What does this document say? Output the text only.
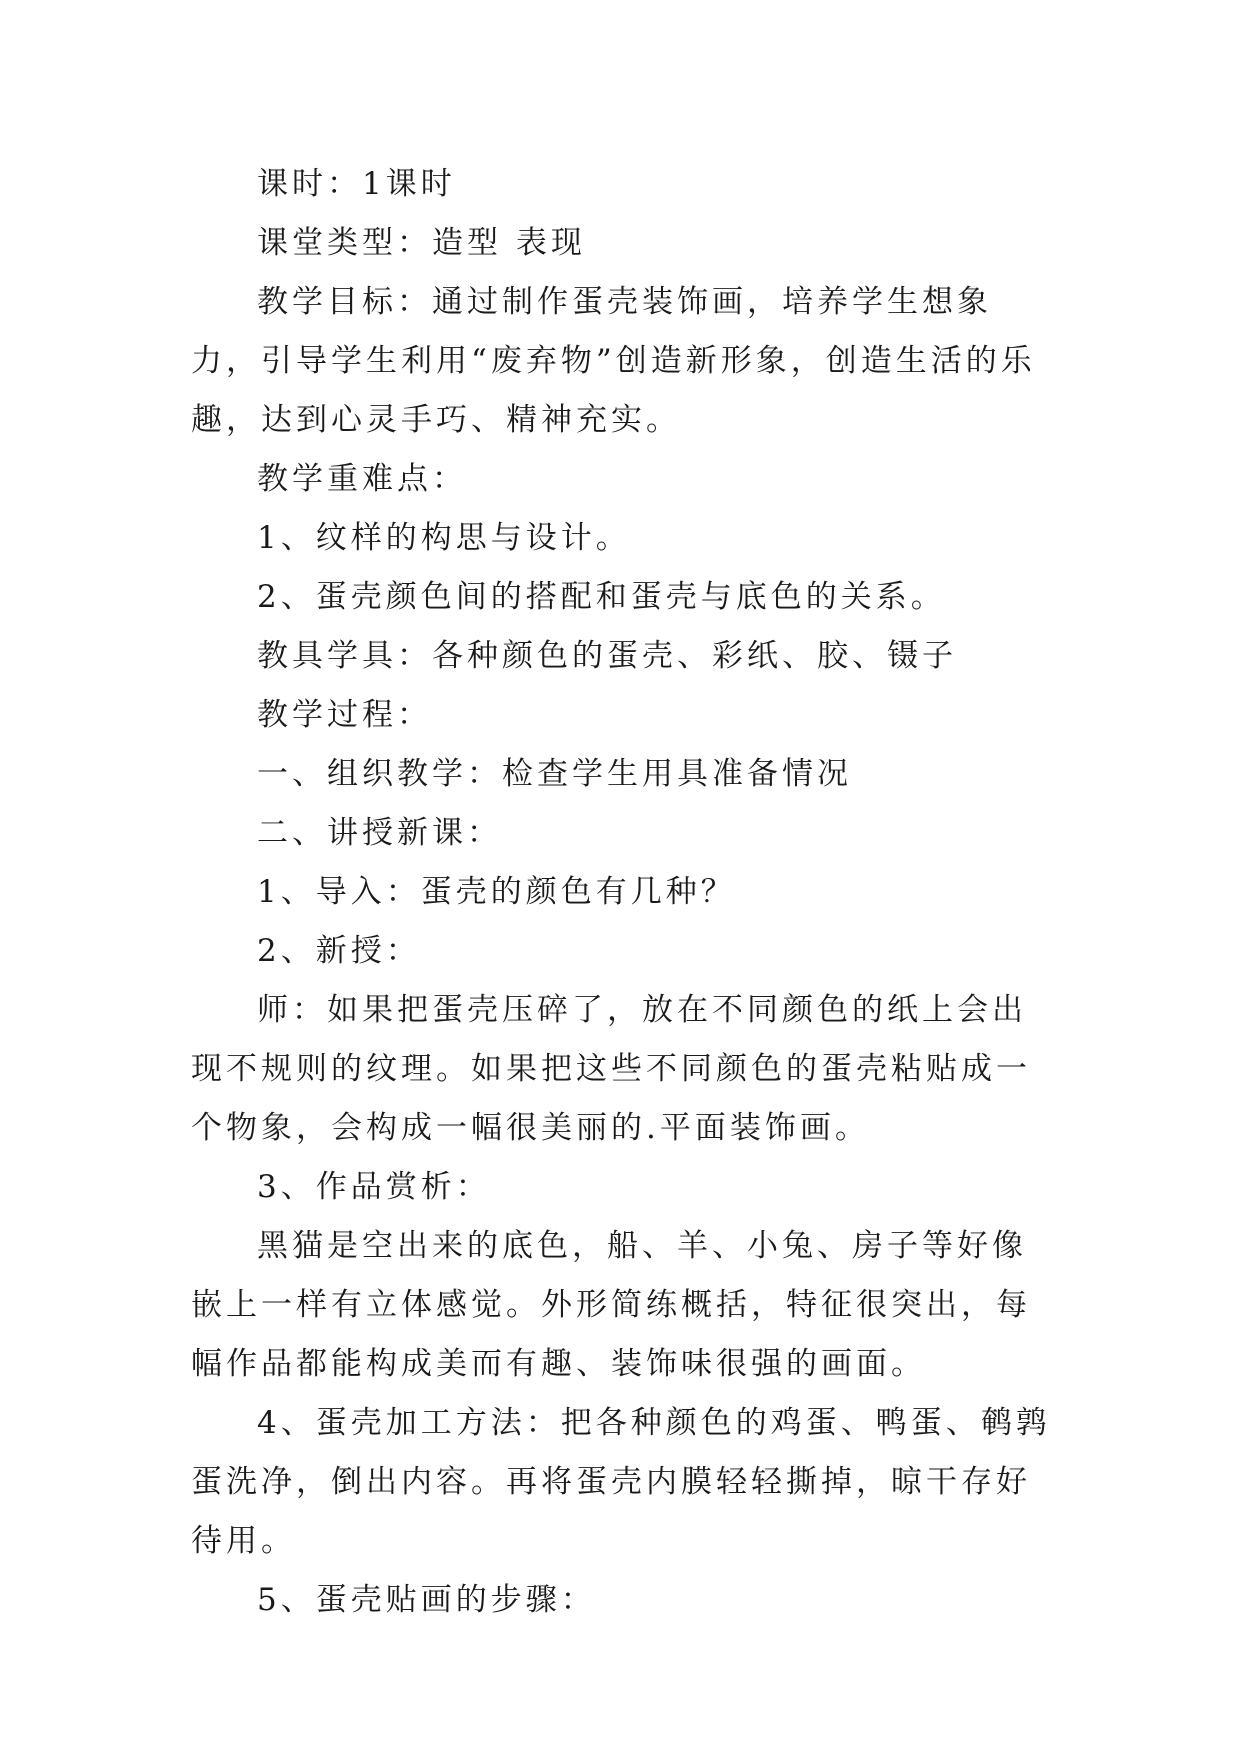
课时：1课时

课堂类型：造型 表现

教学目标：通过制作蛋壳装饰画，培养学生想象力，引导学生利用“废弃物”创造新形象，创造生活的乐趣，达到心灵手巧、精神充实。

教学重难点：

1、纹样的构思与设计。

2、蛋壳颜色间的搭配和蛋壳与底色的关系。

教具学具：各种颜色的蛋壳、彩纸、胶、镊子

教学过程：

一、组织教学：检查学生用具准备情况

二、讲授新课：

1、导入：蛋壳的颜色有几种？

2、新授：

师：如果把蛋壳压碎了，放在不同颜色的纸上会出现不规则的纹理。如果把这些不同颜色的蛋壳粘贴成一个物象，会构成一幅很美丽的.平面装饰画。

3、作品赏析：

黑猫是空出来的底色，船、羊、小兔、房子等好像嵌上一样有立体感觉。外形简练概括，特征很突出，每幅作品都能构成美而有趣、装饰味很强的画面。

4、蛋壳加工方法：把各种颜色的鸡蛋、鸭蛋、鹌鹑蛋洗净，倒出内容。再将蛋壳内膜轻轻撕掉，晾干存好待用。

5、蛋壳贴画的步骤：
